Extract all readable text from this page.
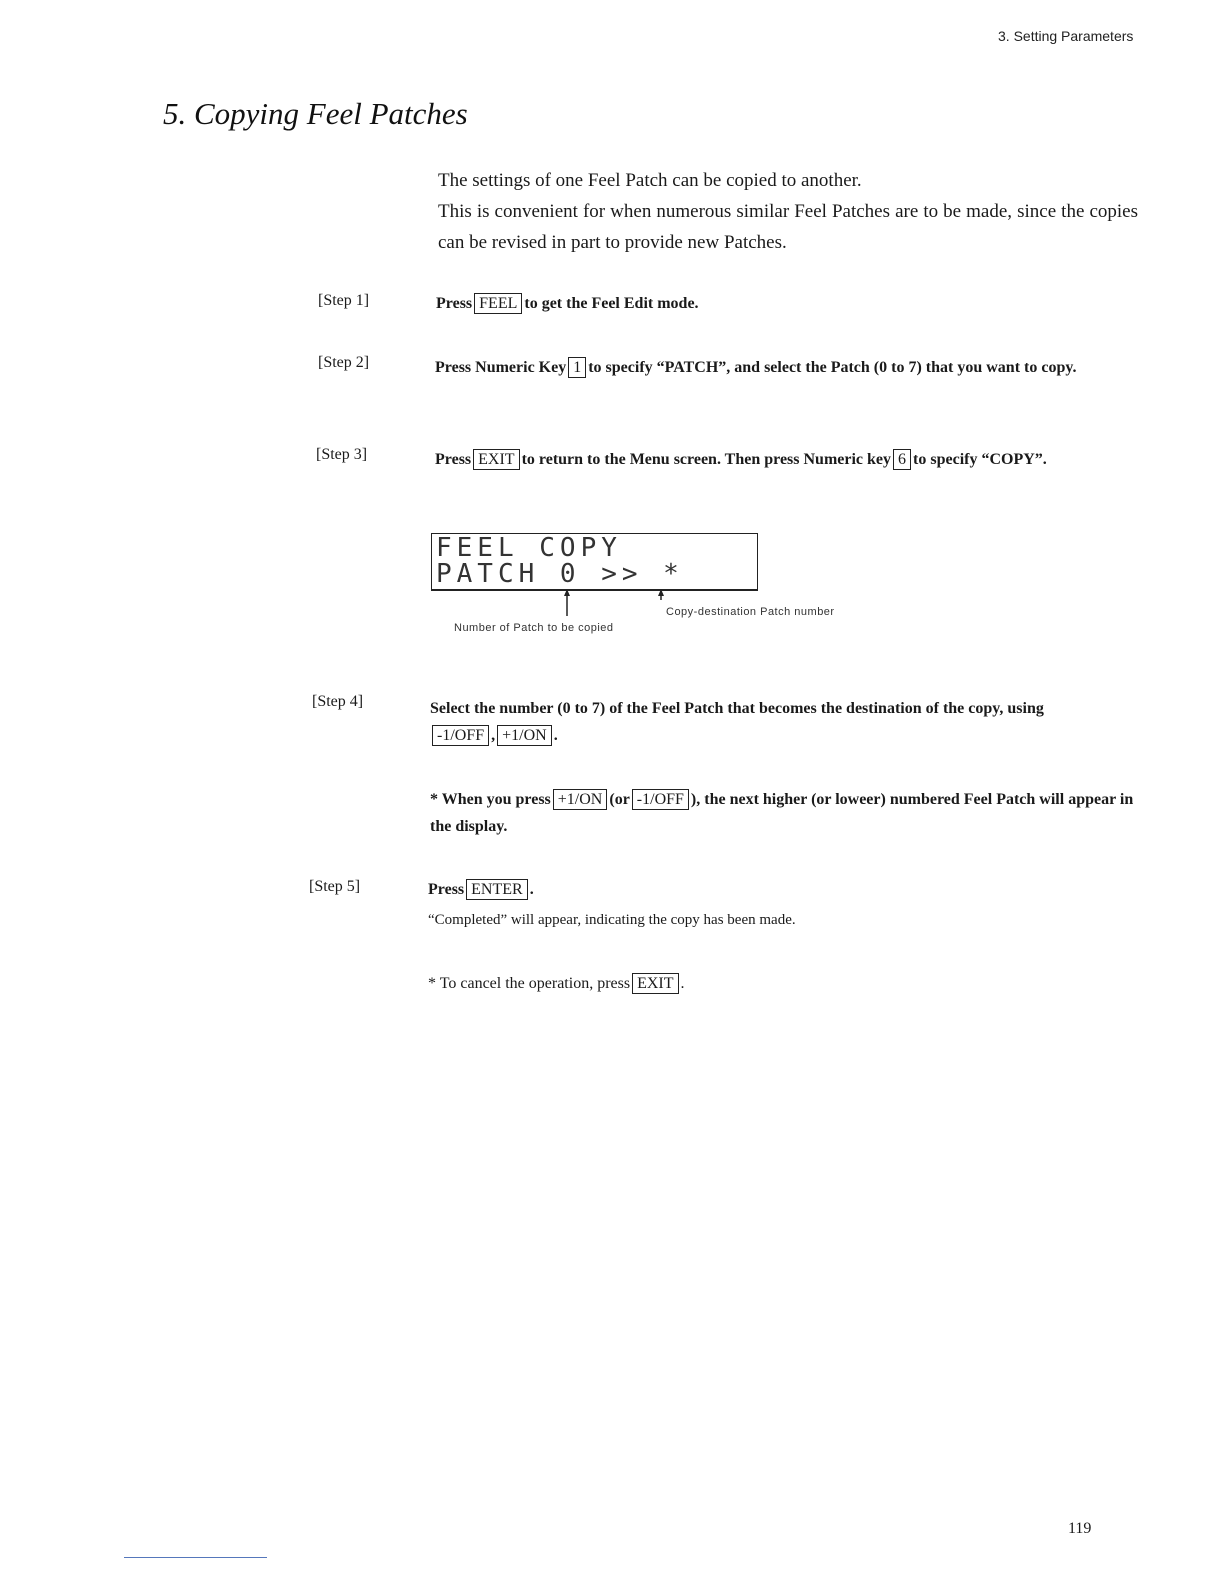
3. Setting Parameters
5. Copying Feel Patches

The settings of one Feel Patch can be copied to another.

This is convenient for when numerous similar Feel Patches are to be made, since the copies can be revised in part to provide new Patches.

[Step 1]	Press FEEL to get the Feel Edit mode.
[Step 2]	Press Numeric Key 1 to specify “PATCH”, and select the Patch (0 to 7) that you want to copy.
[Step 3]	Press EXIT to return to the Menu screen. Then press Numeric key 6 to specify “COPY”.
FEEL COPY
PATCH 0 >> *
Copy-destination Patch number
Number of Patch to be copied
[Step 4]	Select the number (0 to 7) of the Feel Patch that becomes the destination of the copy, using
-1/OFF , +1/ON .
* When you press +1/ON (or -1/OFF ), the next higher (or loweer) numbered Feel Patch will appear in the display.
[Step 5]	Press ENTER .
“Completed” will appear, indicating the copy has been made.
* To cancel the operation, press EXIT .
119
